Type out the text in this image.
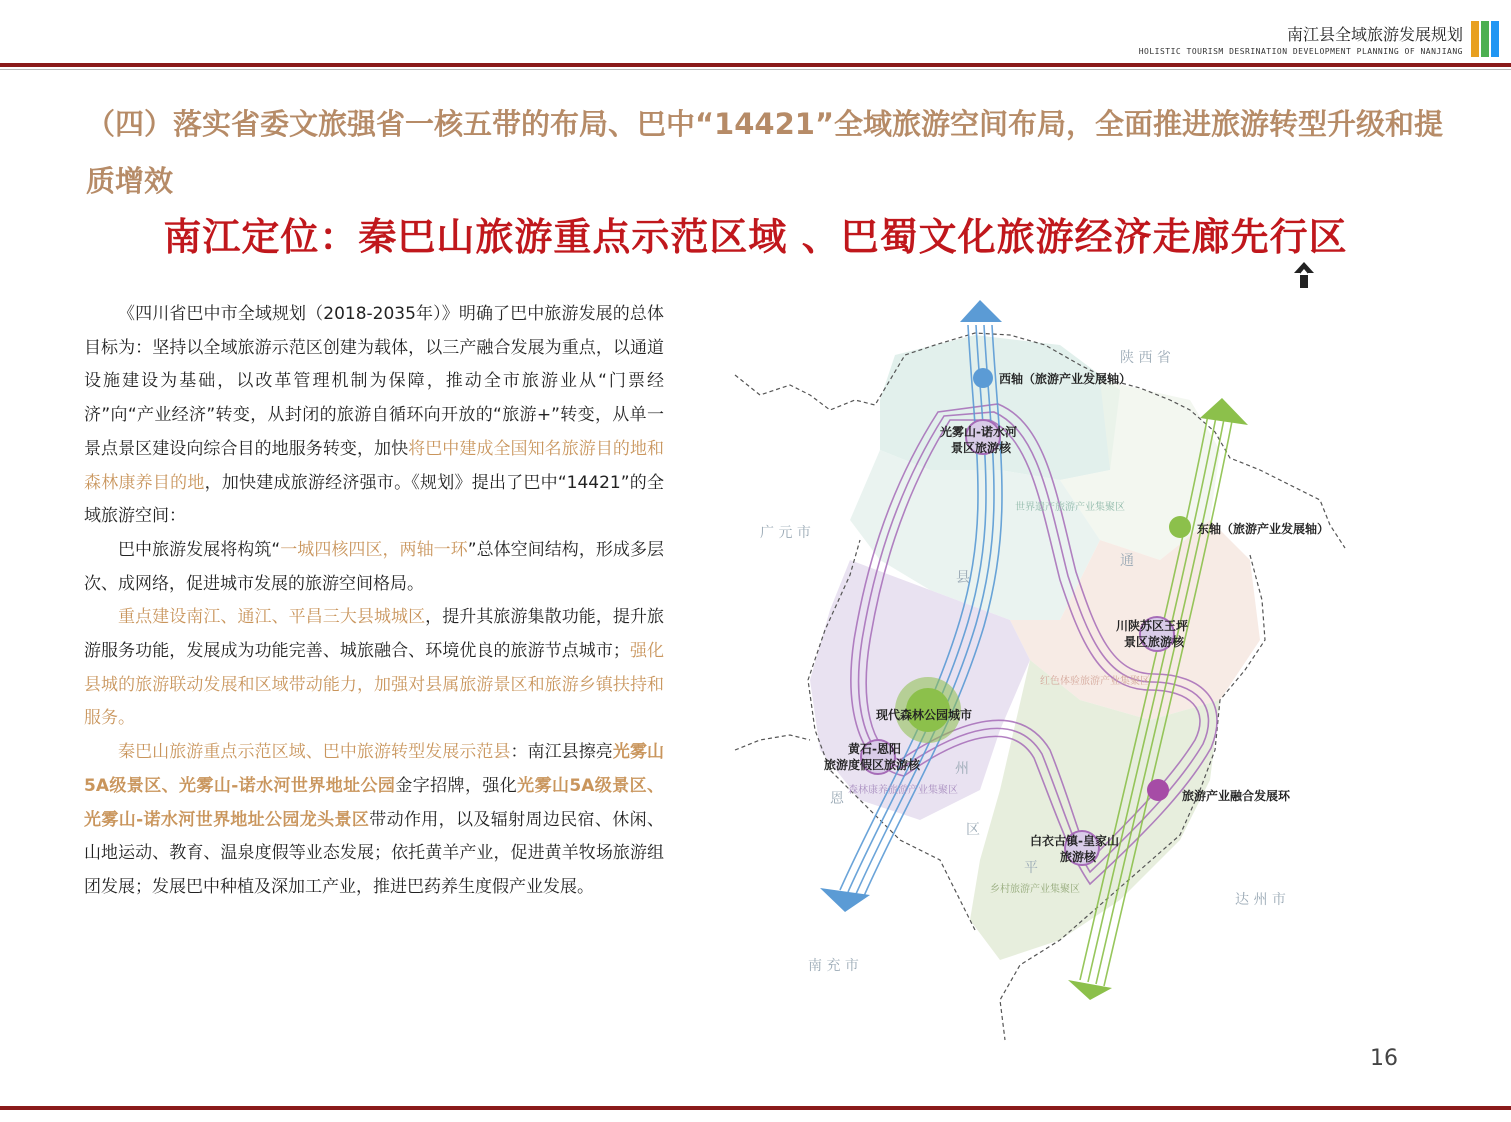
南江县全域旅游发展规划
HOLISTIC TOURISM DESRINATION DEVELOPMENT PLANNING OF NANJIANG
（四）落实省委文旅强省一核五带的布局、巴中“14421”全域旅游空间布局，全面推进旅游转型升级和提质增效
南江定位：秦巴山旅游重点示范区域 、巴蜀文化旅游经济走廊先行区

《四川省巴中市全域规划（2018-2035年）》明确了巴中旅游发展的总体目标为：坚持以全域旅游示范区创建为载体，以三产融合发展为重点，以通道设施建设为基础，以改革管理机制为保障，推动全市旅游业从“门票经济”向“产业经济”转变，从封闭的旅游自循环向开放的“旅游+”转变，从单一景点景区建设向综合目的地服务转变，加快将巴中建成全国知名旅游目的地和森林康养目的地，加快建成旅游经济强市。《规划》提出了巴中“14421”的全域旅游空间：

巴中旅游发展将构筑“一城四核四区，两轴一环”总体空间结构，形成多层次、成网络，促进城市发展的旅游空间格局。

重点建设南江、通江、平昌三大县城城区，提升其旅游集散功能，提升旅游服务功能，发展成为功能完善、城旅融合、环境优良的旅游节点城市；强化县城的旅游联动发展和区域带动能力，加强对县属旅游景区和旅游乡镇扶持和服务。

秦巴山旅游重点示范区域、巴中旅游转型发展示范县：南江县擦亮光雾山5A级景区、光雾山-诺水河世界地址公园金字招牌，强化光雾山5A级景区、光雾山-诺水河世界地址公园龙头景区带动作用，以及辐射周边民宿、休闲、山地运动、教育、温泉度假等业态发展；依托黄羊产业，促进黄羊牧场旅游组团发展；发展巴中种植及深加工产业，推进巴药养生度假产业发展。

陕 西 省
广 元 市
南 充 市
达 州 市
县
通
州
恩
区
平
世界遗产旅游产业集聚区
红色体验旅游产业集聚区
森林康养旅游产业集聚区
乡村旅游产业集聚区
西轴（旅游产业发展轴）
光雾山-诺水河
景区旅游核
东轴（旅游产业发展轴）
川陕苏区王坪
景区旅游核
现代森林公园城市
黄石-恩阳
旅游度假区旅游核
旅游产业融合发展环
白衣古镇-皇家山
旅游核
16
